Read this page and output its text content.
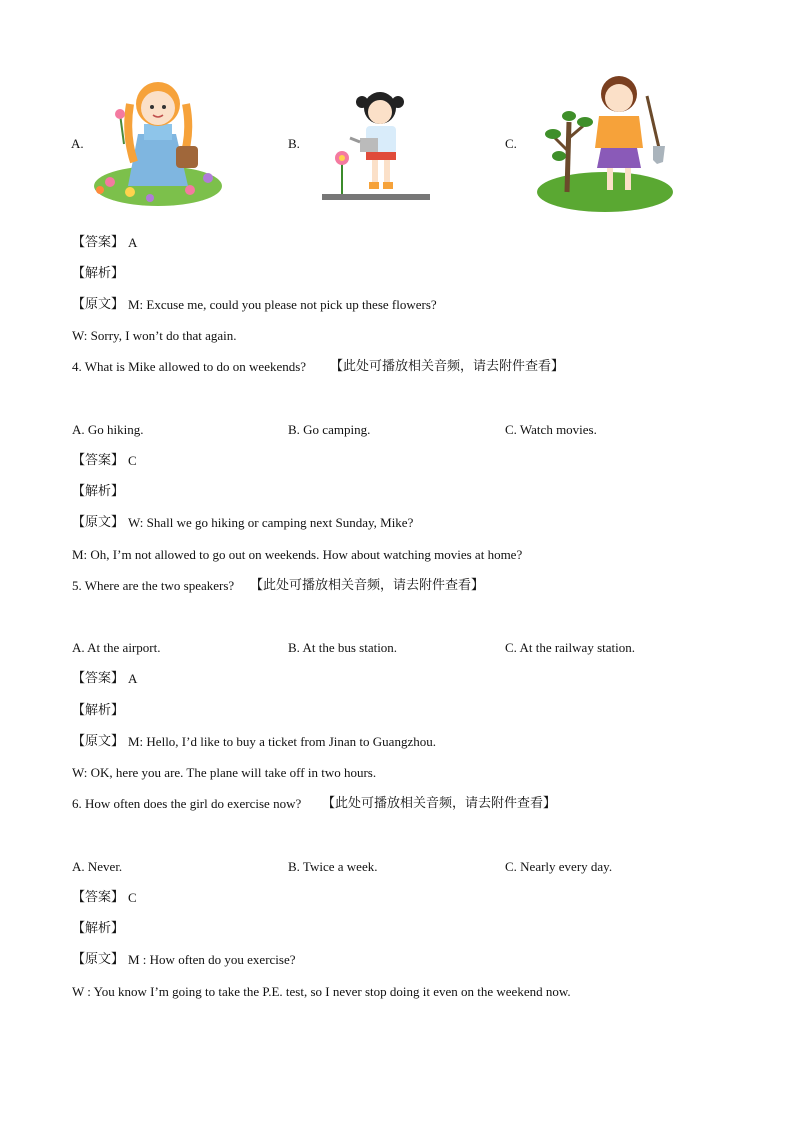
A.	B.	C.
【答案】 A
【解析】
【原文】 M: Excuse me, could you please not pick up these flowers?
W: Sorry, I won’t do that again.
4. What is Mike allowed to do on weekends? 【此处可播放相关音频，请去附件查看】
A. Go hiking.	B. Go camping.	C. Watch movies.
【答案】 C
【解析】
【原文】 W: Shall we go hiking or camping next Sunday, Mike?
M: Oh, I’m not allowed to go out on weekends. How about watching movies at home?
5. Where are the two speakers? 【此处可播放相关音频，请去附件查看】
A. At the airport.	B. At the bus station.	C. At the railway station.
【答案】 A
【解析】
【原文】 M: Hello, I’d like to buy a ticket from Jinan to Guangzhou.
W: OK, here you are. The plane will take off in two hours.
6. How often does the girl do exercise now? 【此处可播放相关音频，请去附件查看】
A. Never.	B. Twice a week.	C. Nearly every day.
【答案】 C
【解析】
【原文】 M : How often do you exercise?
W : You know I’m going to take the P.E. test, so I never stop doing it even on the weekend now.
